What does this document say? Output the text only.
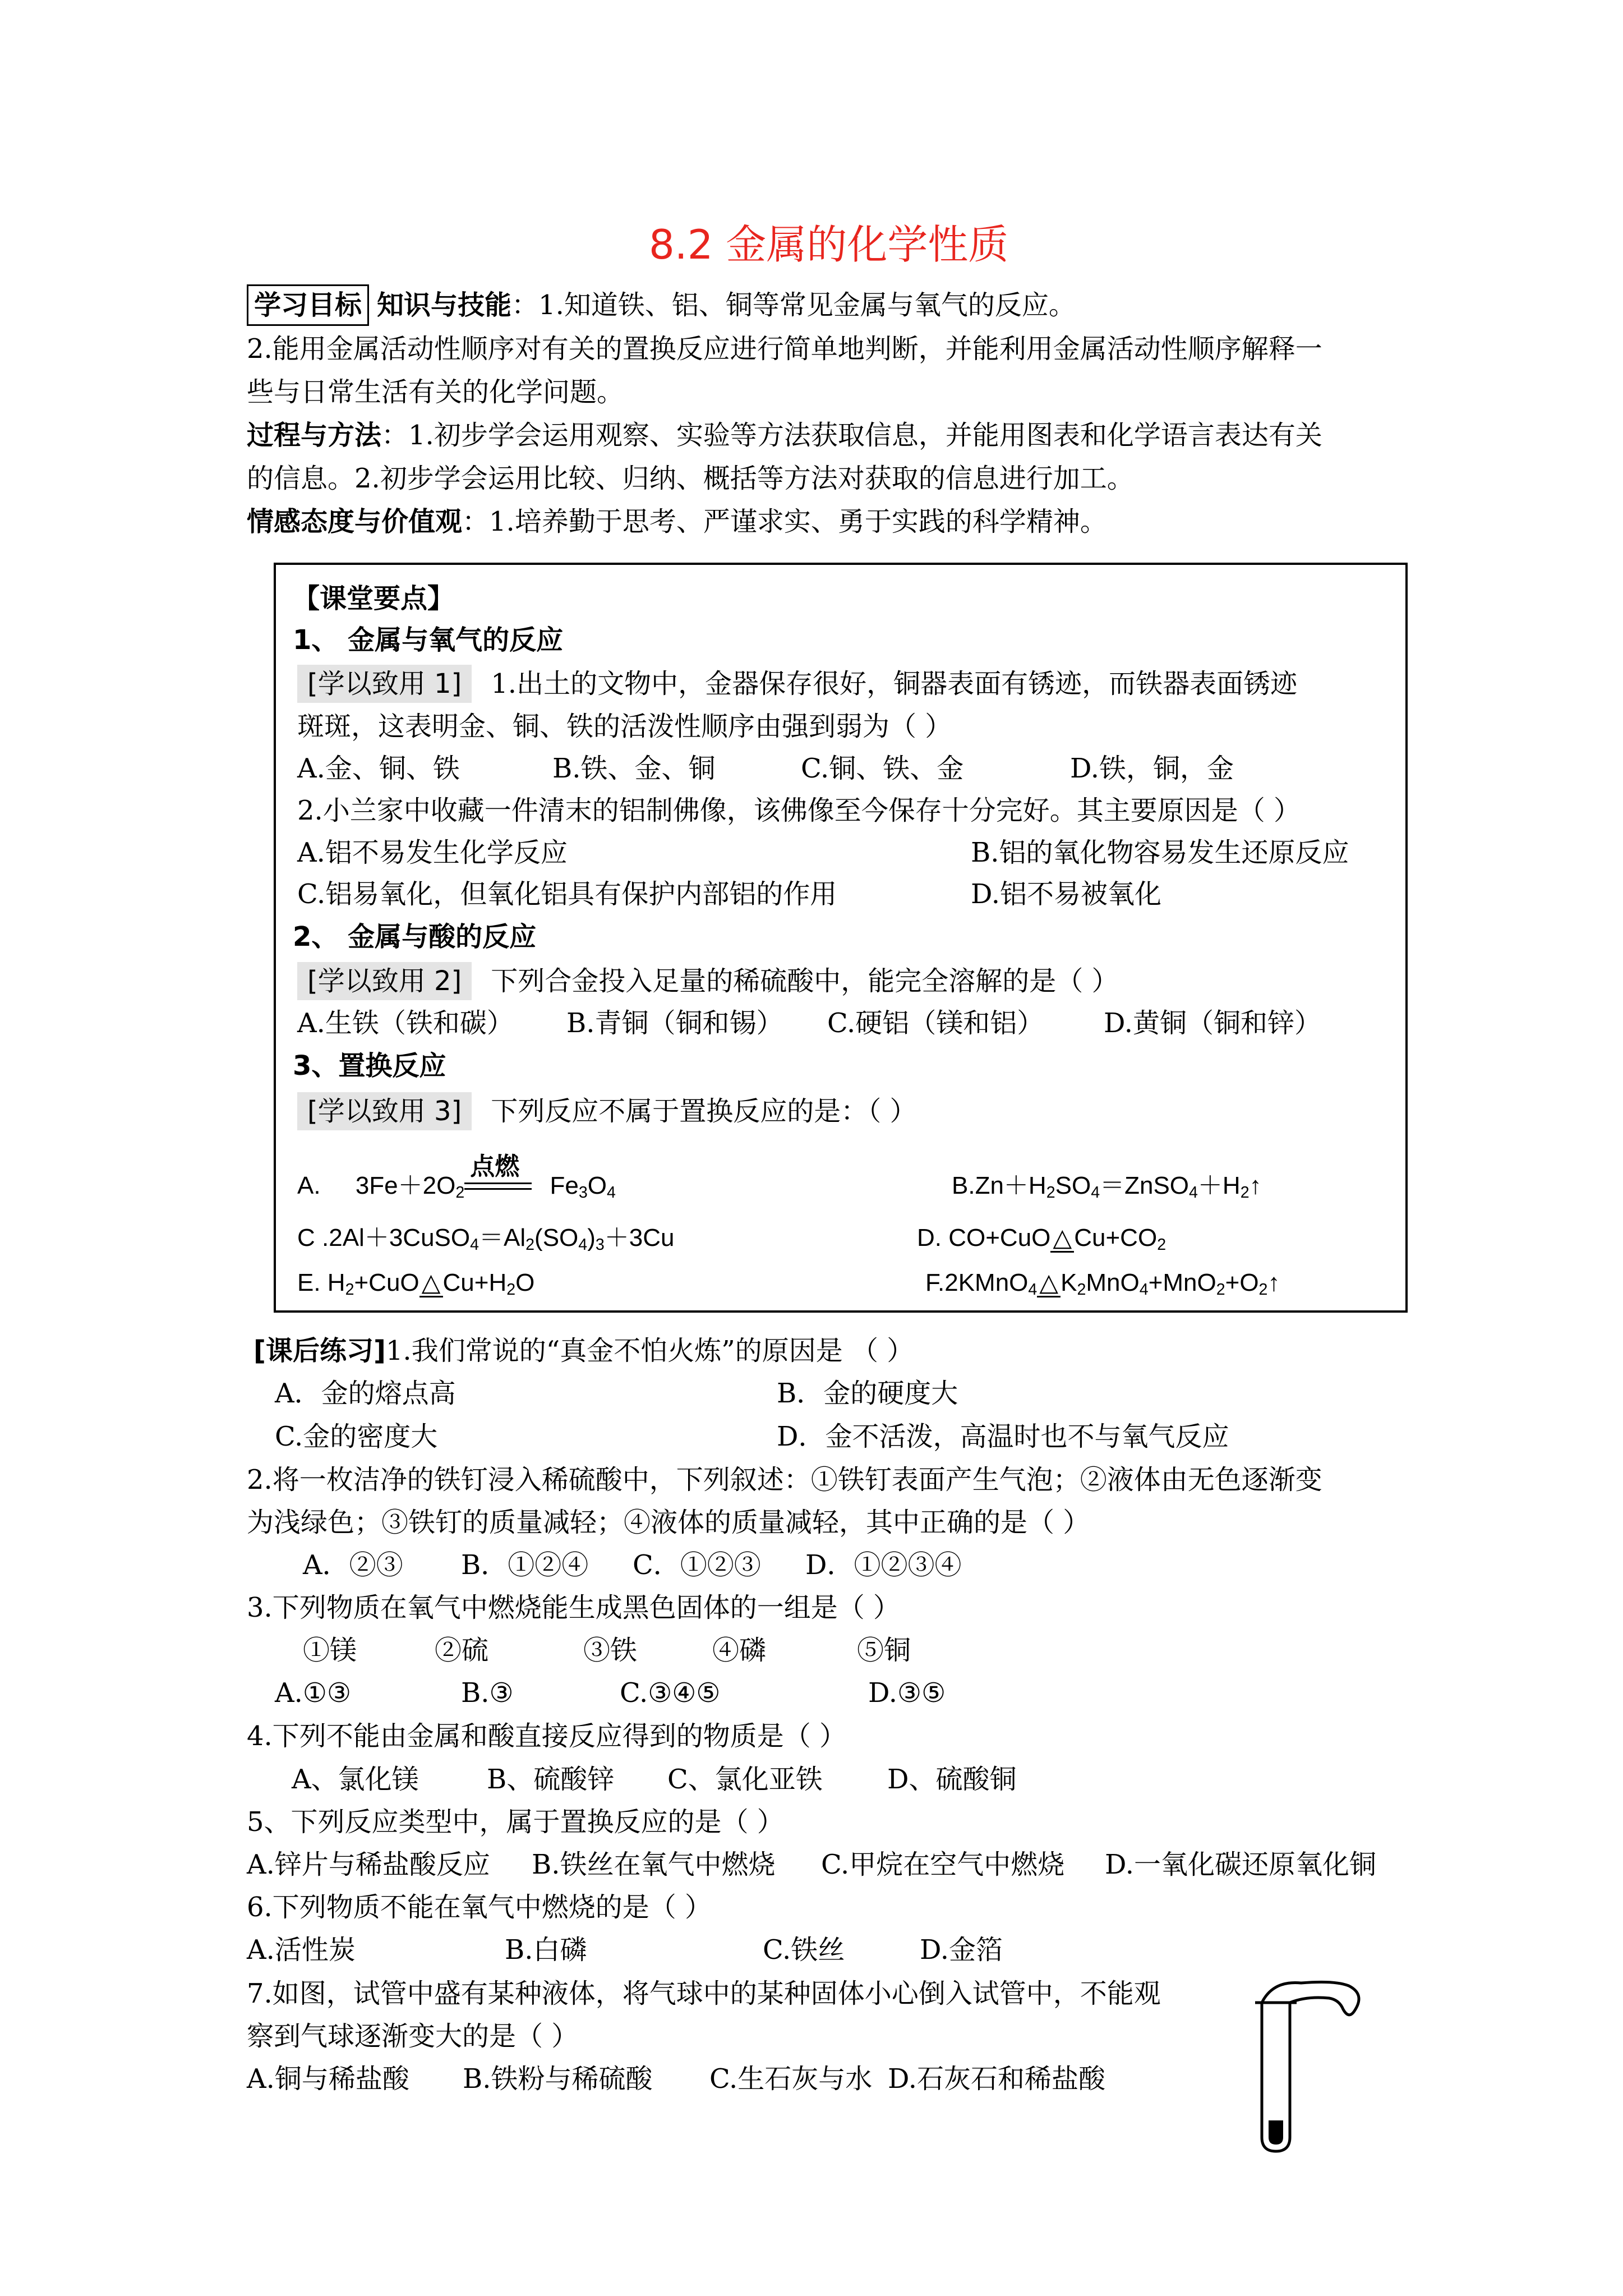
8.2 金属的化学性质
学习目标 知识与技能：1.知道铁、铝、铜等常见金属与氧气的反应。
2.能用金属活动性顺序对有关的置换反应进行简单地判断，并能利用金属活动性顺序解释一
些与日常生活有关的化学问题。
过程与方法：1.初步学会运用观察、实验等方法获取信息，并能用图表和化学语言表达有关
的信息。2.初步学会运用比较、归纳、概括等方法对获取的信息进行加工。
情感态度与价值观：1.培养勤于思考、严谨求实、勇于实践的科学精神。
【课堂要点】
1、 金属与氧气的反应
[学以致用 1] 1.出土的文物中，金器保存很好，铜器表面有锈迹，而铁器表面锈迹
斑斑，这表明金、铜、铁的活泼性顺序由强到弱为（ ）
A.金、铜、铁	B.铁、金、铜	C.铜、铁、金	D.铁，铜，金
2.小兰家中收藏一件清末的铝制佛像，该佛像至今保存十分完好。其主要原因是（ ）
A.铝不易发生化学反应	B.铝的氧化物容易发生还原反应
C.铝易氧化，但氧化铝具有保护内部铝的作用	D.铝不易被氧化
2、 金属与酸的反应
[学以致用 2] 下列合金投入足量的稀硫酸中，能完全溶解的是（ ）
A.生铁（铁和碳） B.青铜（铜和锡） C.硬铝（镁和铝） D.黄铜（铜和锌）
3、置换反应
[学以致用 3] 下列反应不属于置换反应的是：（ ）
A. $3Fe+2O_2$
点燃
$Fe_3O_4$	$B.Zn+H_2SO_4=ZnSO_4+H_2↑$
C $.2Al+3CuSO_4=Al_2(SO_4)_3+3Cu$	D. $CO+CuO\triangle Cu+CO_2$
E. $H_2+CuO\triangle Cu+H_2O$	$F.2KMnO_4\triangle K_2MnO_4+MnO_2+O_2↑$
[课后练习]1.我们常说的“真金不怕火炼”的原因是 （ ）
A．金的熔点高	B．金的硬度大
C.金的密度大	D．金不活泼，高温时也不与氧气反应
2.将一枚洁净的铁钉浸入稀硫酸中，下列叙述：①铁钉表面产生气泡；②液体由无色逐渐变
为浅绿色；③铁钉的质量减轻；④液体的质量减轻，其中正确的是（ ）
A．②③ B．①②④ C．①②③ D．①②③④
3.下列物质在氧气中燃烧能生成黑色固体的一组是（ ）
①镁	②硫	③铁	④磷	⑤铜
A.①③	B.③	C.③④⑤	D.③⑤
4.下列不能由金属和酸直接反应得到的物质是（ ）
A、氯化镁	B、硫酸锌 C、氯化亚铁 D、硫酸铜
5、下列反应类型中，属于置换反应的是（ ）
A.锌片与稀盐酸反应 B.铁丝在氧气中燃烧 C.甲烷在空气中燃烧 D.一氧化碳还原氧化铜
6.下列物质不能在氧气中燃烧的是（ ）
A.活性炭	B.白磷	C.铁丝	D.金箔
7.如图，试管中盛有某种液体，将气球中的某种固体小心倒入试管中，不能观
察到气球逐渐变大的是（ ）
A.铜与稀盐酸 B.铁粉与稀硫酸 C.生石灰与水 D.石灰石和稀盐酸
